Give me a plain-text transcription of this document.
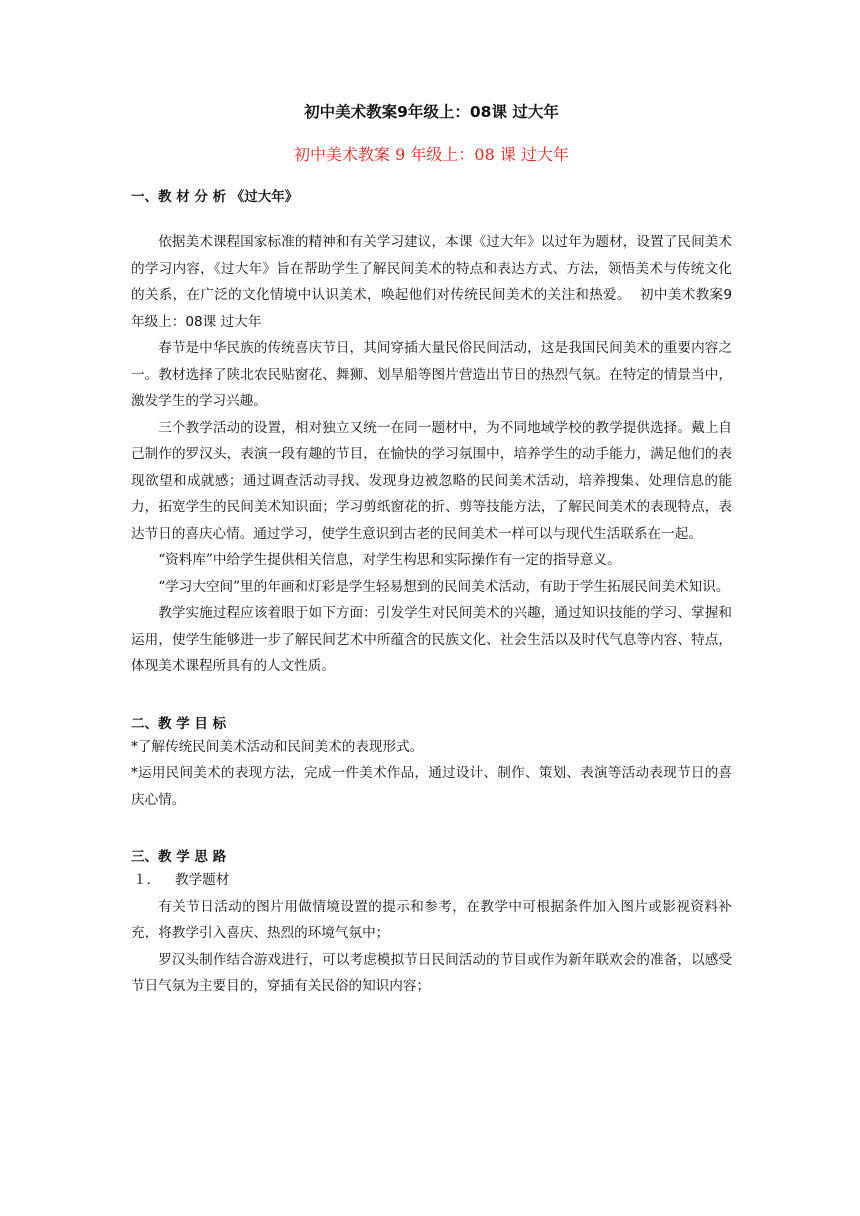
初中美术教案9年级上：08课 过大年

初中美术教案 9 年级上：08 课 过大年

一、教 材 分 析 《过大年》

依据美术课程国家标准的精神和有关学习建议，本课《过大年》以过年为题材，设置了民间美术的学习内容，《过大年》旨在帮助学生了解民间美术的特点和表达方式、方法，领悟美术与传统文化的关系，在广泛的文化情境中认识美术，唤起他们对传统民间美术的关注和热爱。 初中美术教案9年级上：08课 过大年

春节是中华民族的传统喜庆节日，其间穿插大量民俗民间活动，这是我国民间美术的重要内容之一。教材选择了陕北农民贴窗花、舞狮、划旱船等图片营造出节日的热烈气氛。在特定的情景当中，激发学生的学习兴趣。

三个教学活动的设置，相对独立又统一在同一题材中，为不同地域学校的教学提供选择。戴上自己制作的罗汉头，表演一段有趣的节目，在愉快的学习氛围中，培养学生的动手能力，满足他们的表现欲望和成就感；通过调查活动寻找、发现身边被忽略的民间美术活动，培养搜集、处理信息的能力，拓宽学生的民间美术知识面；学习剪纸窗花的折、剪等技能方法，了解民间美术的表现特点，表达节日的喜庆心情。通过学习，使学生意识到古老的民间美术一样可以与现代生活联系在一起。

“资料库”中给学生提供相关信息，对学生构思和实际操作有一定的指导意义。

“学习大空间”里的年画和灯彩是学生轻易想到的民间美术活动，有助于学生拓展民间美术知识。

教学实施过程应该着眼于如下方面：引发学生对民间美术的兴趣，通过知识技能的学习、掌握和运用，使学生能够进一步了解民间艺术中所蕴含的民族文化、社会生活以及时代气息等内容、特点，体现美术课程所具有的人文性质。

二、教 学 目 标

*了解传统民间美术活动和民间美术的表现形式。

*运用民间美术的表现方法，完成一件美术作品，通过设计、制作、策划、表演等活动表现节日的喜庆心情。

三、教 学 思 路

１． 教学题材

有关节日活动的图片用做情境设置的提示和参考，在教学中可根据条件加入图片或影视资料补充，将教学引入喜庆、热烈的环境气氛中；

罗汉头制作结合游戏进行，可以考虑模拟节日民间活动的节目或作为新年联欢会的准备，以感受节日气氛为主要目的，穿插有关民俗的知识内容；
